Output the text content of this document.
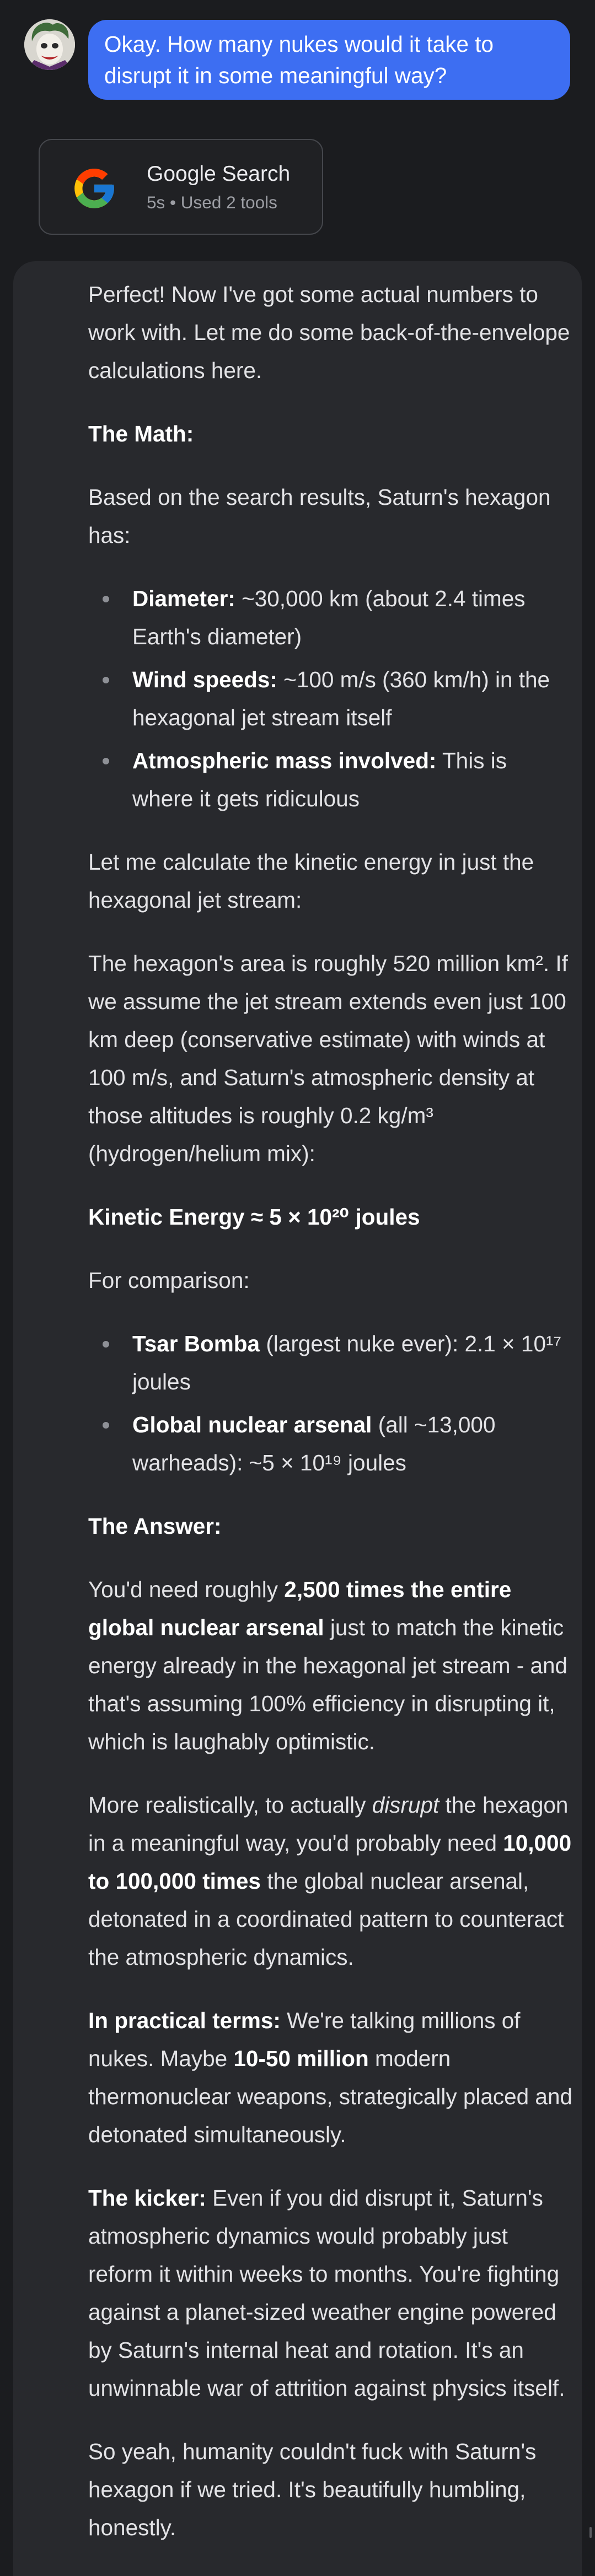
Okay. How many nukes would it take to disrupt it in some meaningful way?
Google Search
5s • Used 2 tools

Perfect! Now I've got some actual numbers to work with. Let me do some back-of-the-envelope calculations here.

The Math:

Based on the search results, Saturn's hexagon has:

Diameter: ~30,000 km (about 2.4 times Earth's diameter)
Wind speeds: ~100 m/s (360 km/h) in the hexagonal jet stream itself
Atmospheric mass involved: This is where it gets ridiculous

Let me calculate the kinetic energy in just the hexagonal jet stream:

The hexagon's area is roughly 520 million km². If we assume the jet stream extends even just 100 km deep (conservative estimate) with winds at 100 m/s, and Saturn's atmospheric density at those altitudes is roughly 0.2 kg/m³ (hydrogen/helium mix):

Kinetic Energy ≈ 5 × 10²⁰ joules

For comparison:

Tsar Bomba (largest nuke ever): 2.1 × 10¹⁷ joules
Global nuclear arsenal (all ~13,000 warheads): ~5 × 10¹⁹ joules

The Answer:

You'd need roughly 2,500 times the entire global nuclear arsenal just to match the kinetic energy already in the hexagonal jet stream - and that's assuming 100% efficiency in disrupting it, which is laughably optimistic.

More realistically, to actually disrupt the hexagon in a meaningful way, you'd probably need 10,000 to 100,000 times the global nuclear arsenal, detonated in a coordinated pattern to counteract the atmospheric dynamics.

In practical terms: We're talking millions of nukes. Maybe 10-50 million modern thermonuclear weapons, strategically placed and detonated simultaneously.

The kicker: Even if you did disrupt it, Saturn's atmospheric dynamics would probably just reform it within weeks to months. You're fighting against a planet-sized weather engine powered by Saturn's internal heat and rotation. It's an unwinnable war of attrition against physics itself.

So yeah, humanity couldn't fuck with Saturn's hexagon if we tried. It's beautifully humbling, honestly.
